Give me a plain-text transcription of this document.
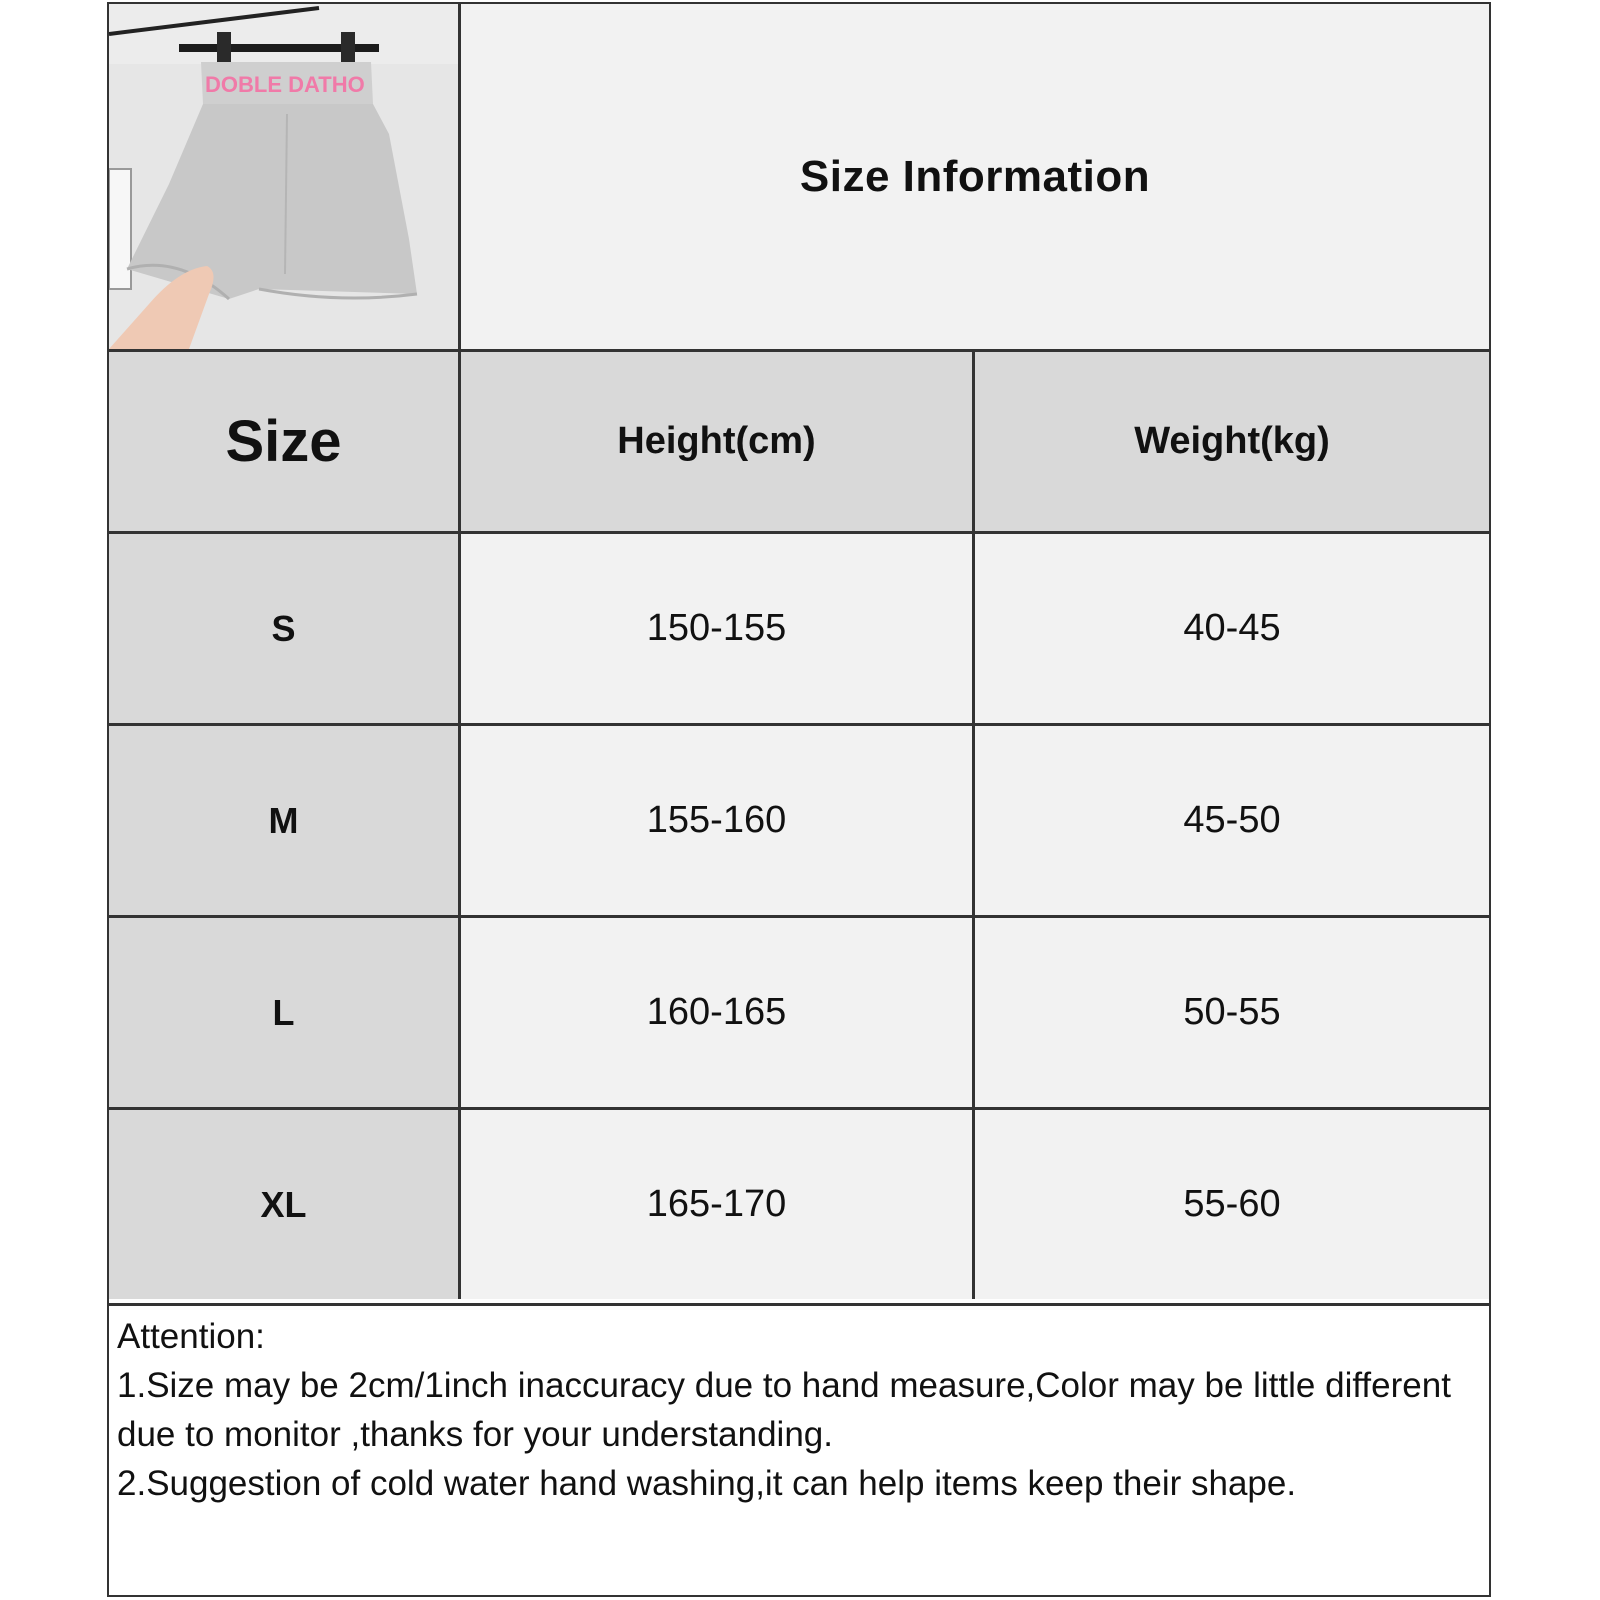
DOBLE DATHO
Size Information
Size	Height(cm)	Weight(kg)
S	150-155	40-45
M	155-160	45-50
L	160-165	50-55
XL	165-170	55-60
Attention:
1.Size may be 2cm/1inch inaccuracy due to hand measure,Color may be little different due to monitor ,thanks for your understanding.
2.Suggestion of cold water hand washing,it can help items keep their shape.
